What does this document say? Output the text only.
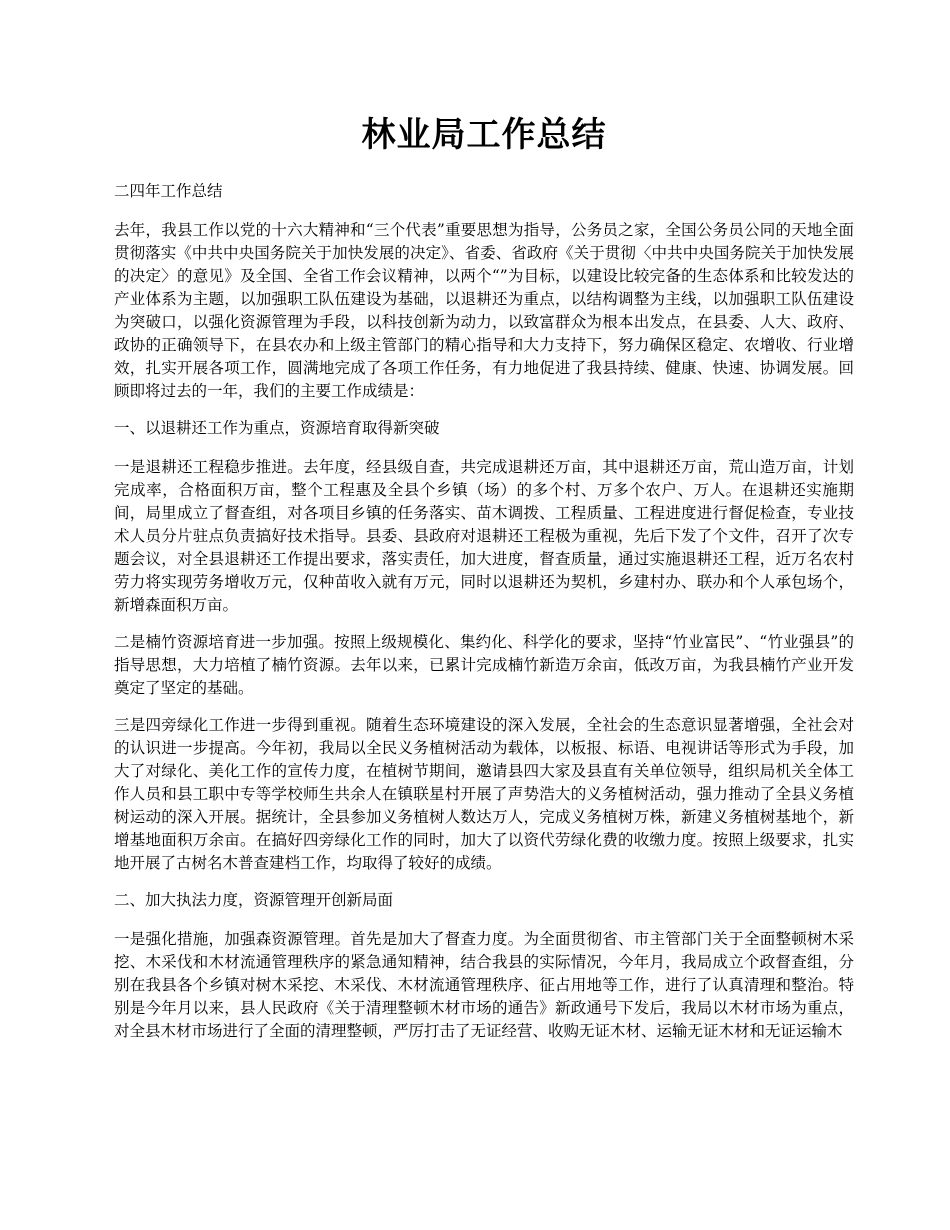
林业局工作总结
二四年工作总结

去年，我县工作以党的十六大精神和“三个代表”重要思想为指导，公务员之家，全国公务员公同的天地全面贯彻落实《中共中央国务院关于加快发展的决定》、省委、省政府《关于贯彻〈中共中央国务院关于加快发展的决定〉的意见》及全国、全省工作会议精神，以两个“”为目标，以建设比较完备的生态体系和比较发达的产业体系为主题，以加强职工队伍建设为基础，以退耕还为重点，以结构调整为主线，以加强职工队伍建设为突破口，以强化资源管理为手段，以科技创新为动力，以致富群众为根本出发点，在县委、人大、政府、政协的正确领导下，在县农办和上级主管部门的精心指导和大力支持下，努力确保区稳定、农增收、行业增效，扎实开展各项工作，圆满地完成了各项工作任务，有力地促进了我县持续、健康、快速、协调发展。回顾即将过去的一年，我们的主要工作成绩是：

一、以退耕还工作为重点，资源培育取得新突破

一是退耕还工程稳步推进。去年度，经县级自查，共完成退耕还万亩，其中退耕还万亩，荒山造万亩，计划完成率，合格面积万亩，整个工程惠及全县个乡镇（场）的多个村、万多个农户、万人。在退耕还实施期间，局里成立了督查组，对各项目乡镇的任务落实、苗木调拨、工程质量、工程进度进行督促检查，专业技术人员分片驻点负责搞好技术指导。县委、县政府对退耕还工程极为重视，先后下发了个文件，召开了次专题会议，对全县退耕还工作提出要求，落实责任，加大进度，督查质量，通过实施退耕还工程，近万名农村劳力将实现劳务增收万元，仅种苗收入就有万元，同时以退耕还为契机，乡建村办、联办和个人承包场个，新增森面积万亩。

二是楠竹资源培育进一步加强。按照上级规模化、集约化、科学化的要求，坚持“竹业富民”、“竹业强县”的指导思想，大力培植了楠竹资源。去年以来，已累计完成楠竹新造万余亩，低改万亩，为我县楠竹产业开发奠定了坚定的基础。

三是四旁绿化工作进一步得到重视。随着生态环境建设的深入发展，全社会的生态意识显著增强，全社会对的认识进一步提高。今年初，我局以全民义务植树活动为载体，以板报、标语、电视讲话等形式为手段，加大了对绿化、美化工作的宣传力度，在植树节期间，邀请县四大家及县直有关单位领导，组织局机关全体工作人员和县工职中专等学校师生共余人在镇联星村开展了声势浩大的义务植树活动，强力推动了全县义务植树运动的深入开展。据统计，全县参加义务植树人数达万人，完成义务植树万株，新建义务植树基地个，新增基地面积万余亩。在搞好四旁绿化工作的同时，加大了以资代劳绿化费的收缴力度。按照上级要求，扎实地开展了古树名木普查建档工作，均取得了较好的成绩。

二、加大执法力度，资源管理开创新局面

一是强化措施，加强森资源管理。首先是加大了督查力度。为全面贯彻省、市主管部门关于全面整顿树木采挖、木采伐和木材流通管理秩序的紧急通知精神，结合我县的实际情况，今年月，我局成立个政督查组，分别在我县各个乡镇对树木采挖、木采伐、木材流通管理秩序、征占用地等工作，进行了认真清理和整治。特别是今年月以来，县人民政府《关于清理整顿木材市场的通告》新政通号下发后，我局以木材市场为重点，对全县木材市场进行了全面的清理整顿，严厉打击了无证经营、收购无证木材、运输无证木材和无证运输木
